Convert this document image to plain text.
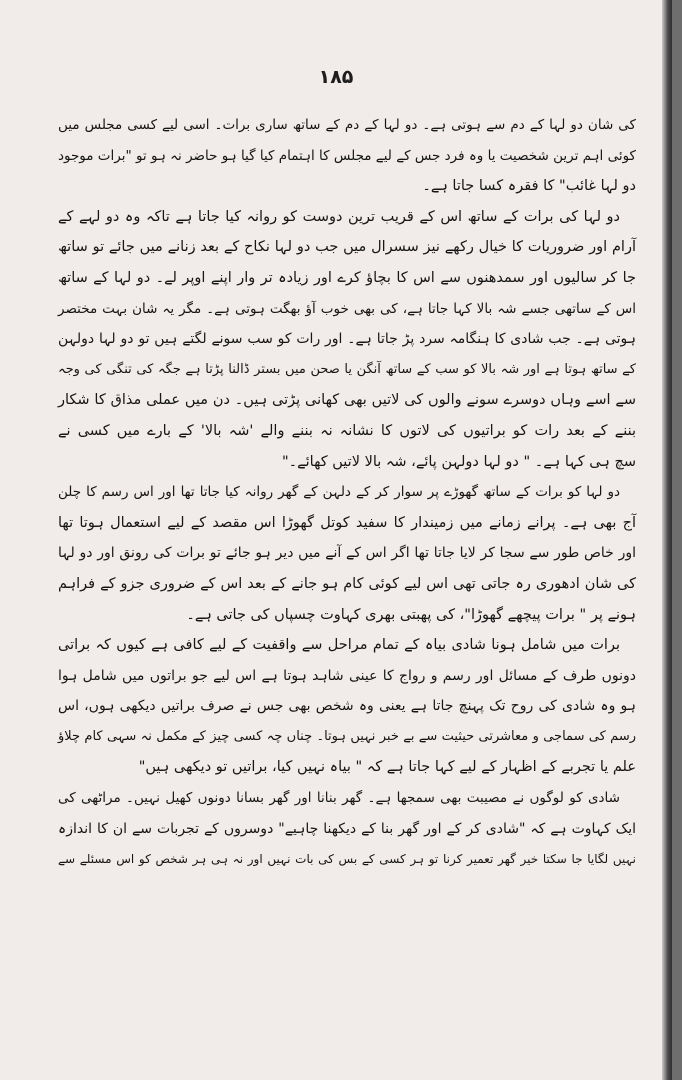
۱۸۵
کی شان دو لہا کے دم سے ہوتی ہے۔ دو لہا کے دم کے ساتھ ساری برات۔ اسی لیے کسی مجلس میں
کوئی اہم ترین شخصیت یا وہ فرد جس کے لیے مجلس کا اہتمام کیا گیا ہو حاضر نہ ہو تو "برات موجود
دو لہا غائب" کا فقرہ کسا جاتا ہے۔
دو لہا کی برات کے ساتھ اس کے قریب ترین دوست کو روانہ کیا جاتا ہے تاکہ وہ دو لہے کے
آرام اور ضروریات کا خیال رکھے نیز سسرال میں جب دو لہا نکاح کے بعد زنانے میں جائے تو ساتھ
جا کر سالیوں اور سمدھنوں سے اس کا بچاؤ کرے اور زیادہ تر وار اپنے اوپر لے۔ دو لہا کے ساتھ
اس کے ساتھی جسے شہ بالا کہا جاتا ہے، کی بھی خوب آؤ بھگت ہوتی ہے۔ مگر یہ شان بہت مختصر
ہوتی ہے۔ جب شادی کا ہنگامہ سرد پڑ جاتا ہے۔ اور رات کو سب سونے لگتے ہیں تو دو لہا دولہن
کے ساتھ ہوتا ہے اور شہ بالا کو سب کے ساتھ آنگن یا صحن میں بستر ڈالنا پڑتا ہے جگہ کی تنگی کی وجہ
سے اسے وہاں دوسرے سونے والوں کی لاتیں بھی کھانی پڑتی ہیں۔ دن میں عملی مذاق کا شکار
بننے کے بعد رات کو براتیوں کی لاتوں کا نشانہ نہ بننے والے 'شہ بالا' کے بارے میں کسی نے
سچ ہی کہا ہے۔ " دو لہا دولہن پائے، شہ بالا لاتیں کھائے۔"
دو لہا کو برات کے ساتھ گھوڑے پر سوار کر کے دلہن کے گھر روانہ کیا جاتا تھا اور اس رسم کا چلن
آج بھی ہے۔ پرانے زمانے میں زمیندار کا سفید کوتل گھوڑا اس مقصد کے لیے استعمال ہوتا تھا
اور خاص طور سے سجا کر لایا جاتا تھا اگر اس کے آنے میں دیر ہو جائے تو برات کی رونق اور دو لہا
کی شان ادھوری رہ جاتی تھی اس لیے کوئی کام ہو جانے کے بعد اس کے ضروری جزو کے فراہم
ہونے پر " برات پیچھے گھوڑا"، کی پھبتی بھری کہاوت چسپاں کی جاتی ہے۔
برات میں شامل ہونا شادی بیاہ کے تمام مراحل سے واقفیت کے لیے کافی ہے کیوں کہ براتی
دونوں طرف کے مسائل اور رسم و رواج کا عینی شاہد ہوتا ہے اس لیے جو براتوں میں شامل ہوا
ہو وہ شادی کی روح تک پہنچ جاتا ہے یعنی وہ شخص بھی جس نے صرف براتیں دیکھی ہوں، اس
رسم کی سماجی و معاشرتی حیثیت سے بے خبر نہیں ہوتا۔ چناں چہ کسی چیز کے مکمل نہ سہی کام چلاؤ
علم یا تجربے کے اظہار کے لیے کہا جاتا ہے کہ " بیاہ نہیں کیا، براتیں تو دیکھی ہیں"
شادی کو لوگوں نے مصیبت بھی سمجھا ہے۔ گھر بنانا اور گھر بسانا دونوں کھیل نہیں۔ مراٹھی کی
ایک کہاوت ہے کہ "شادی کر کے اور گھر بنا کے دیکھنا چاہیے" دوسروں کے تجربات سے ان کا اندازہ
نہیں لگایا جا سکتا خیر گھر تعمیر کرنا تو ہر کسی کے بس کی بات نہیں اور نہ ہی ہر شخص کو اس مسئلے سے
